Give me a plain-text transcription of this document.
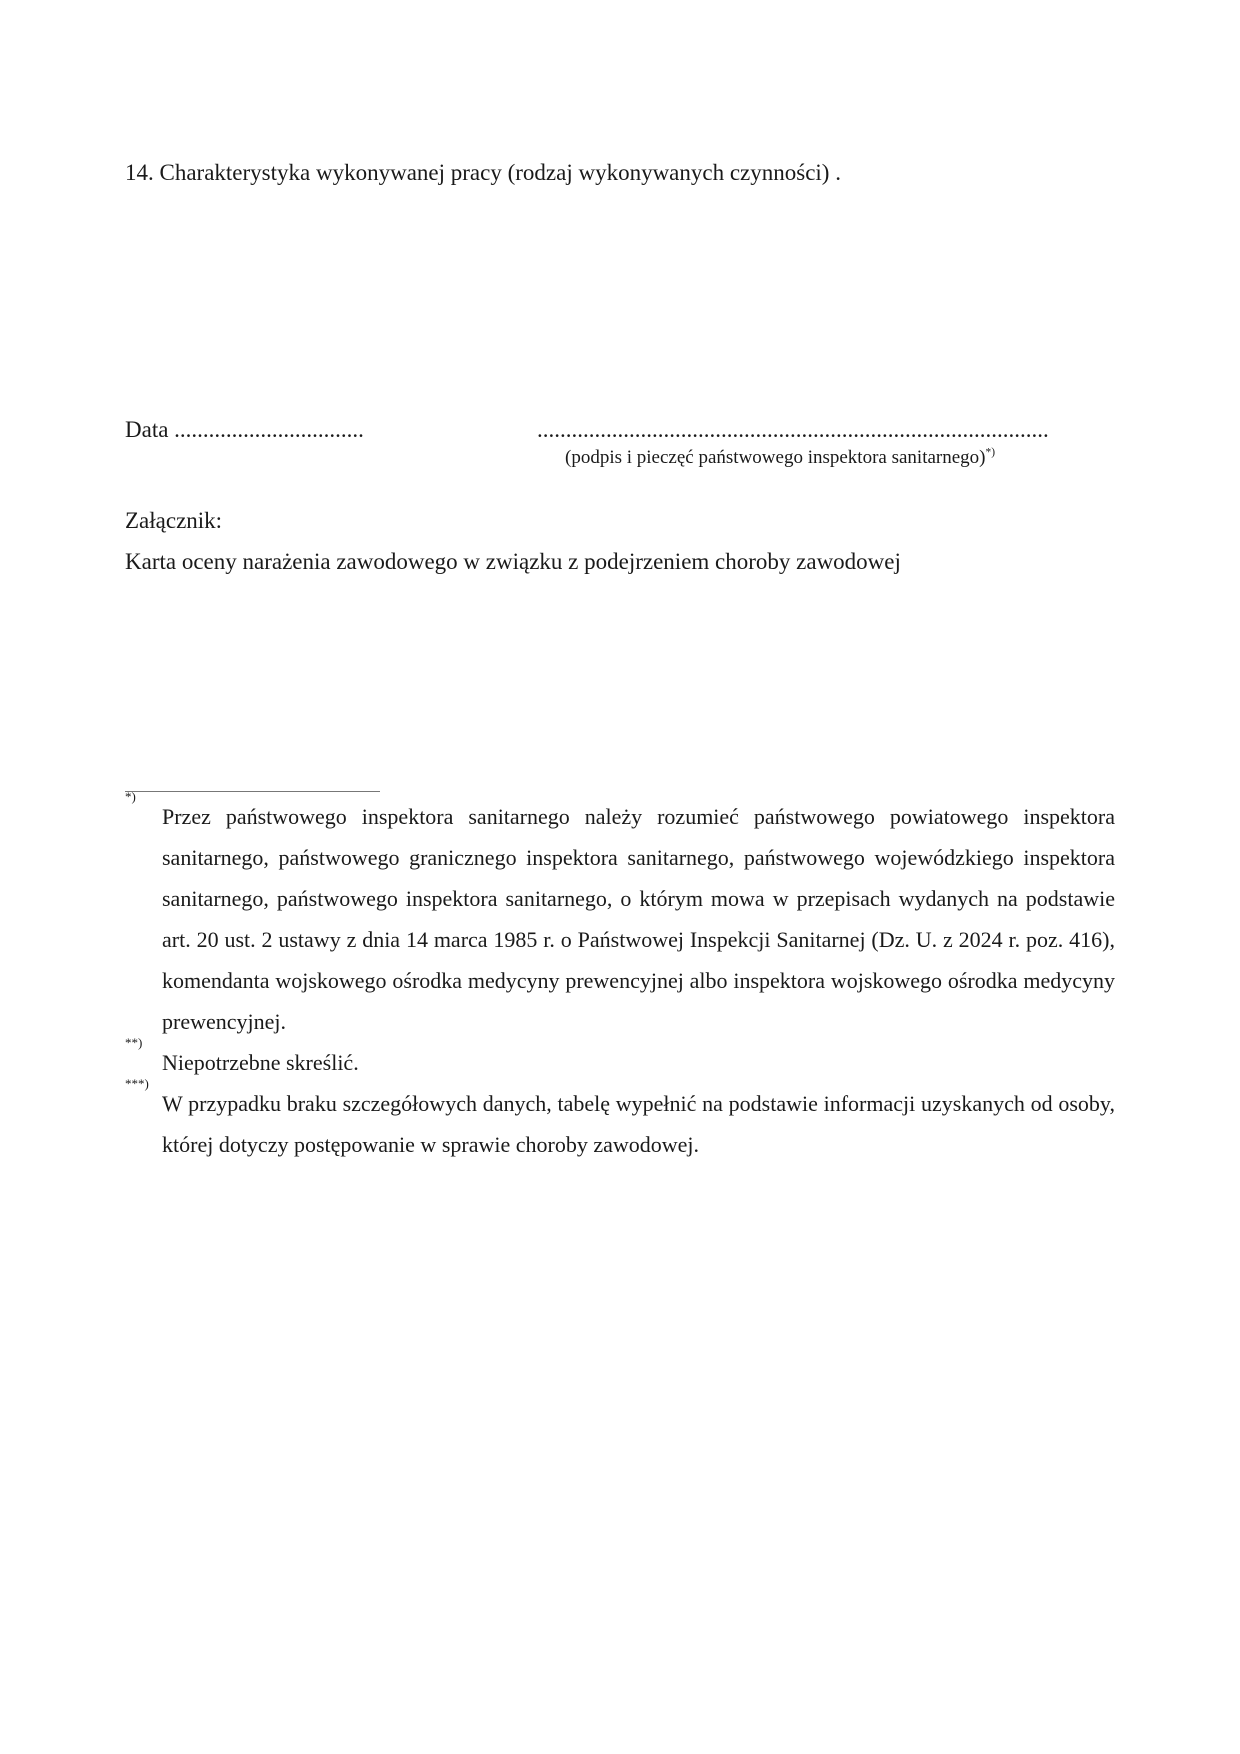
14. Charakterystyka wykonywanej pracy (rodzaj wykonywanych czynności) .
Data .................................	.........................................................................................
(podpis i pieczęć państwowego inspektora sanitarnego)*)
Załącznik:
Karta oceny narażenia zawodowego w związku z podejrzeniem choroby zawodowej
*)
Przez państwowego inspektora sanitarnego należy rozumieć państwowego powiatowego inspektora sanitarnego, państwowego granicznego inspektora sanitarnego, państwowego wojewódzkiego inspektora sanitarnego, państwowego inspektora sanitarnego, o którym mowa w przepisach wydanych na podstawie art. 20 ust. 2 ustawy z dnia 14 marca 1985 r. o Państwowej Inspekcji Sanitarnej (Dz. U. z 2024 r. poz. 416), komendanta wojskowego ośrodka medycyny prewencyjnej albo inspektora wojskowego ośrodka medycyny prewencyjnej.
**)
Niepotrzebne skreślić.
***)
W przypadku braku szczegółowych danych, tabelę wypełnić na podstawie informacji uzyskanych od osoby, której dotyczy postępowanie w sprawie choroby zawodowej.
